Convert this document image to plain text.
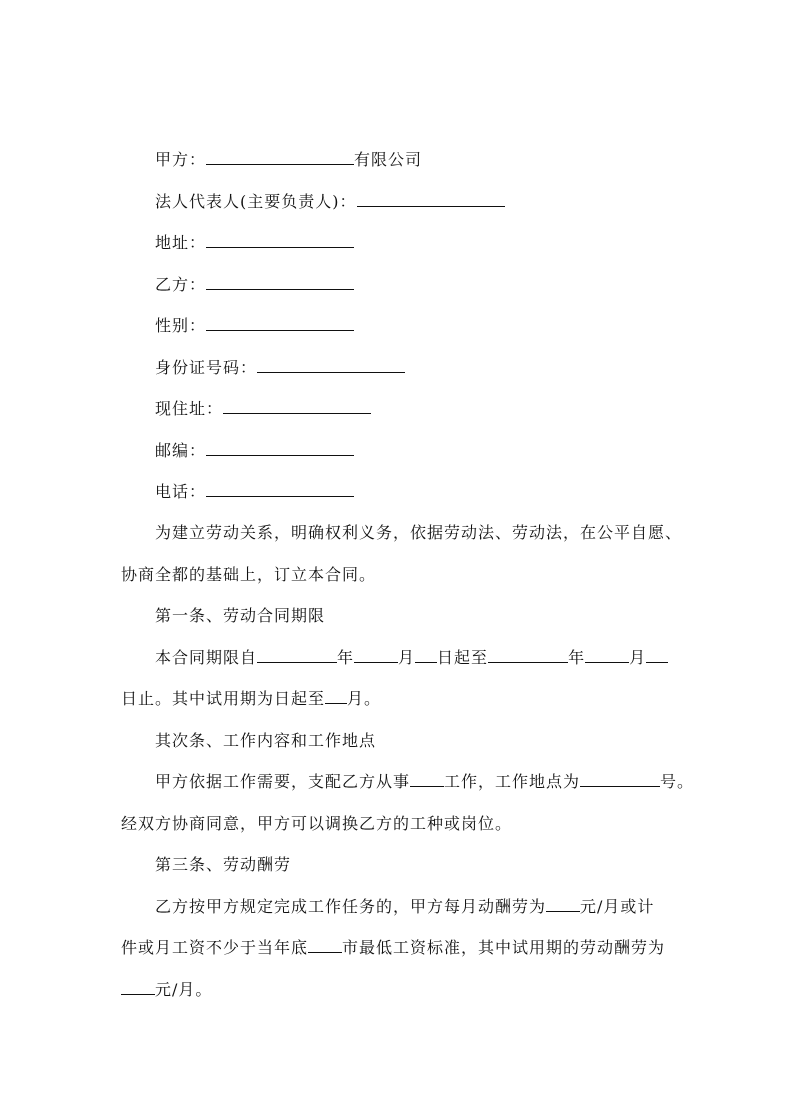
甲方：	有限公司
法人代表人(主要负责人)：
地址：
乙方：
性别：
身份证号码：
现住址：
邮编：
电话：
为建立劳动关系，明确权利义务，依据劳动法、劳动法，在公平自愿、
协商全都的基础上，订立本合同。
第一条、劳动合同期限
本合同期限自	年	月 日起至	年	月
日止。其中试用期为日起至 月。
其次条、工作内容和工作地点
甲方依据工作需要，支配乙方从事 工作，工作地点为	号。
经双方协商同意，甲方可以调换乙方的工种或岗位。
第三条、劳动酬劳
乙方按甲方规定完成工作任务的，甲方每月动酬劳为 元/月或计
件或月工资不少于当年底 市最低工资标准，其中试用期的劳动酬劳为
元/月。
